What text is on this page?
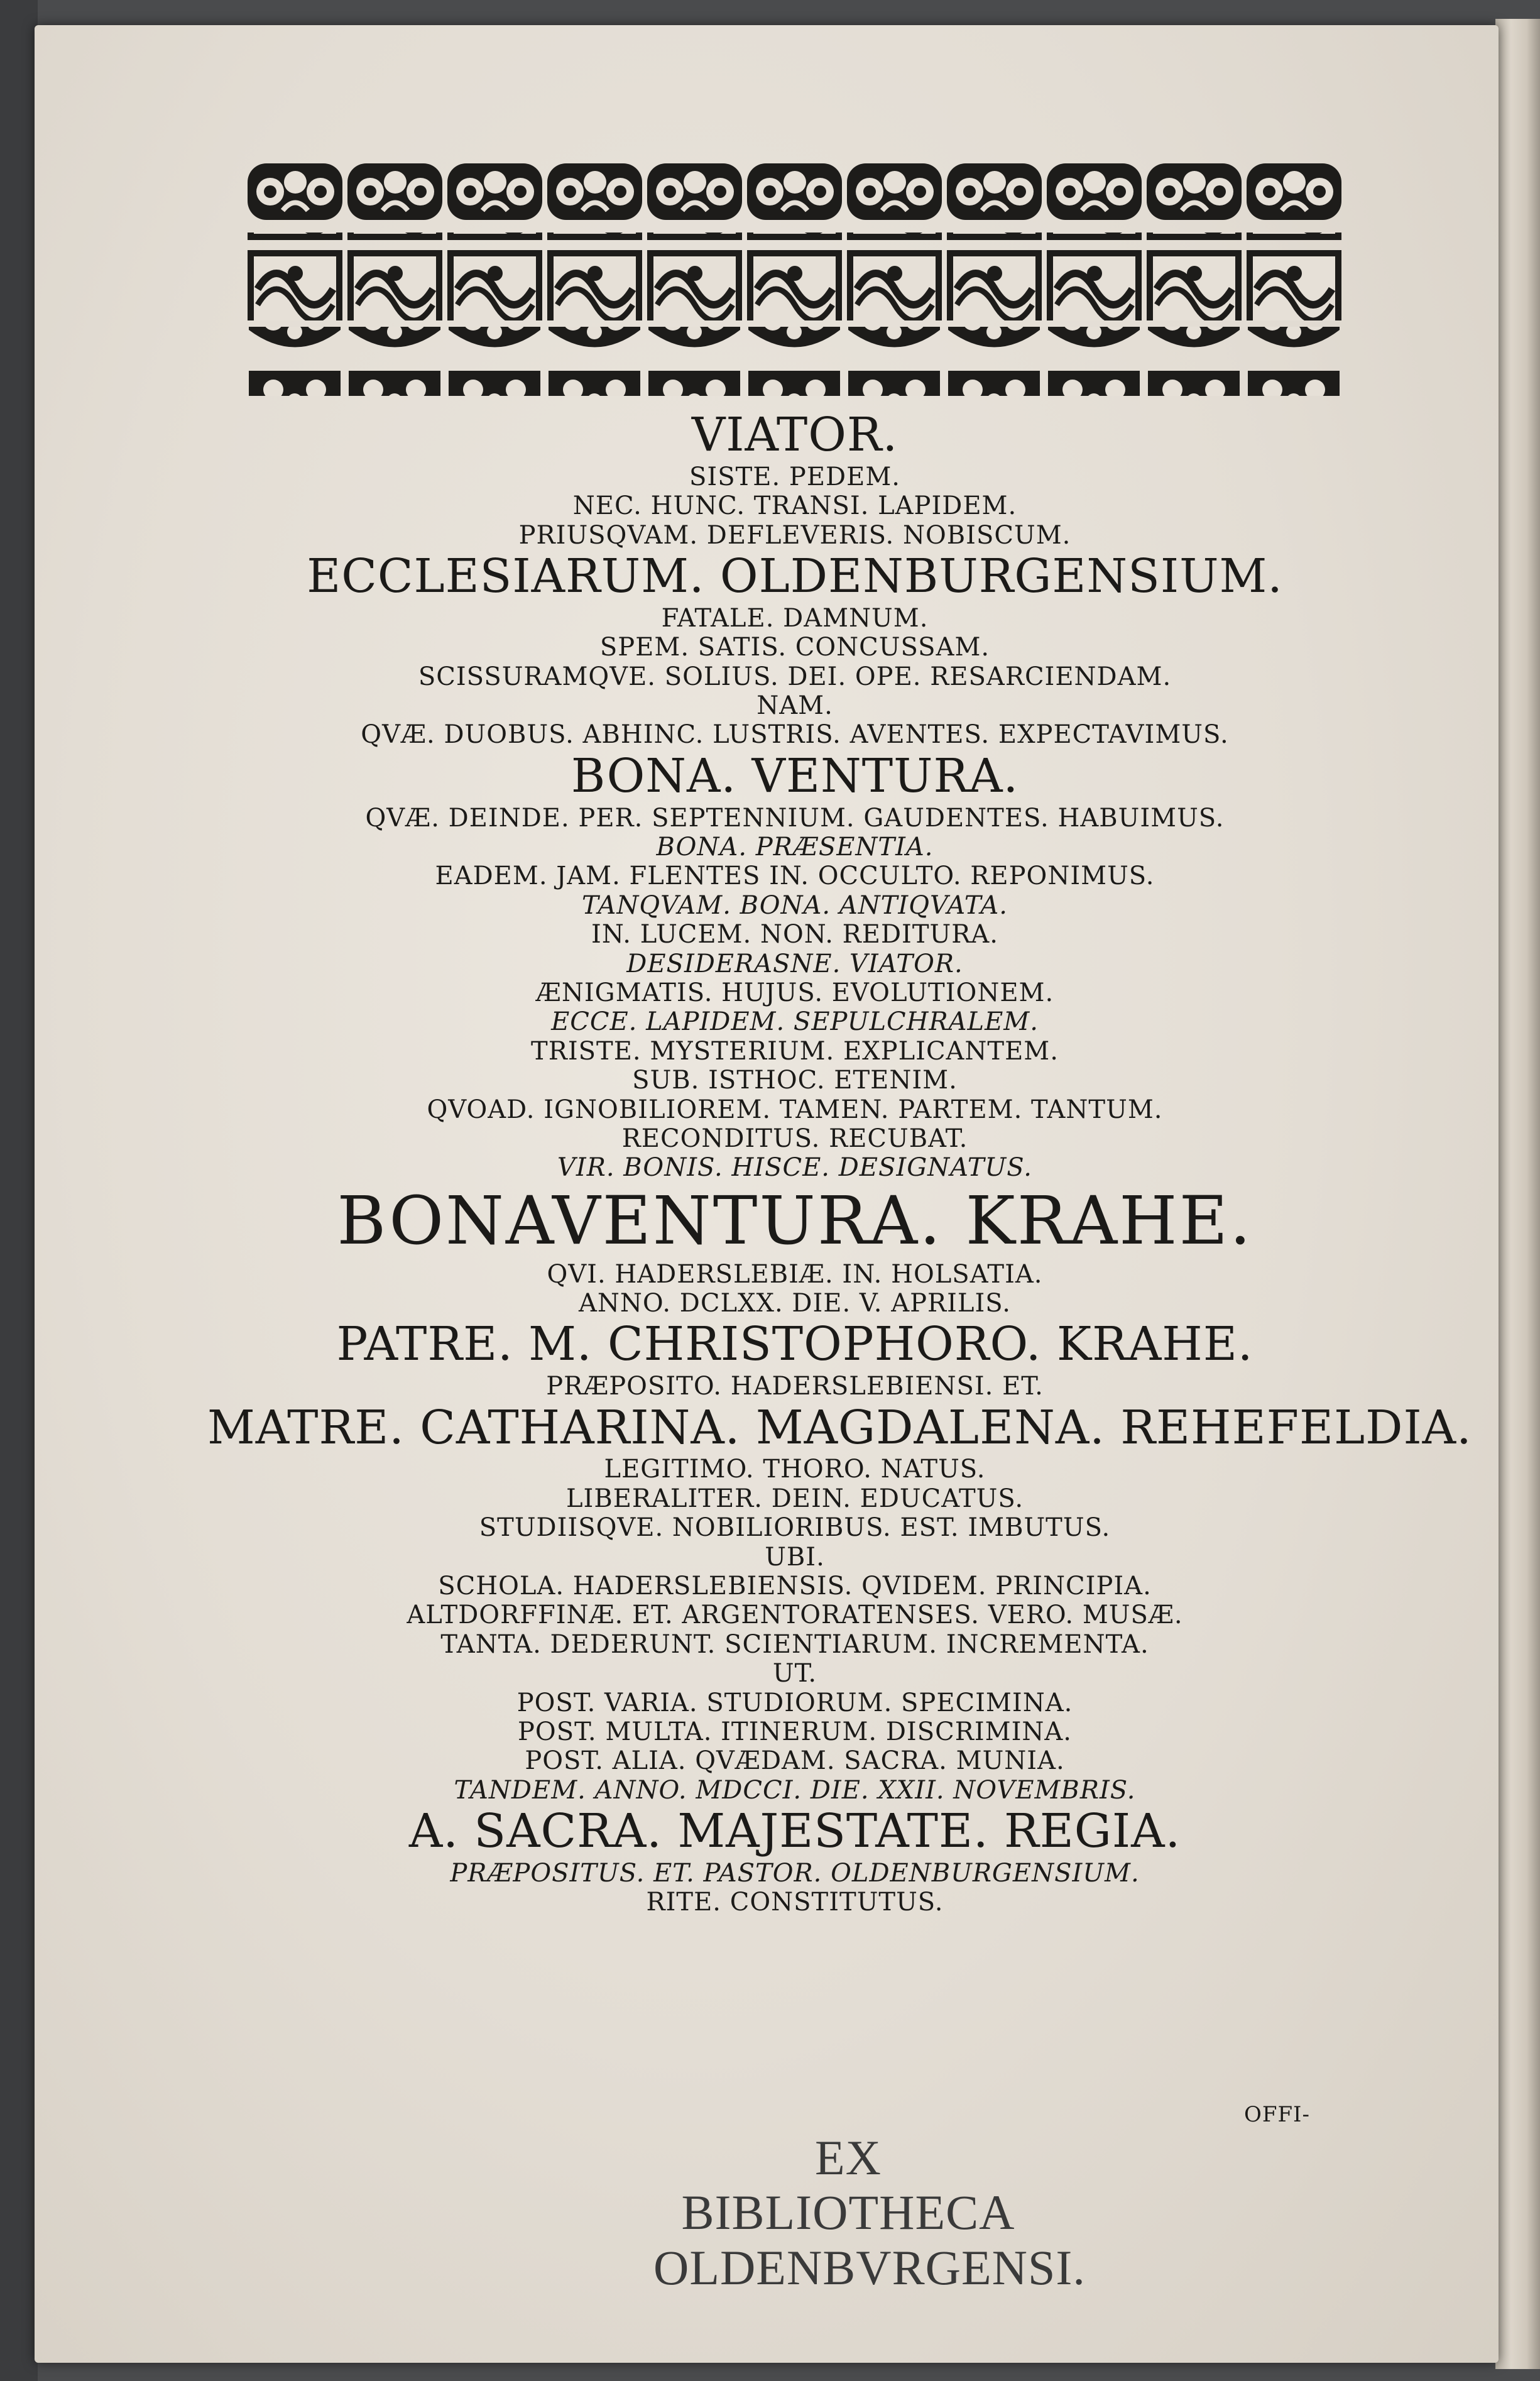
VIATOR.
SISTE. PEDEM.
NEC. HUNC. TRANSI. LAPIDEM.
PRIUSQVAM. DEFLEVERIS. NOBISCUM.
ECCLESIARUM. OLDENBURGENSIUM.
FATALE. DAMNUM.
SPEM. SATIS. CONCUSSAM.
SCISSURAMQVE. SOLIUS. DEI. OPE. RESARCIENDAM.
NAM.
QVÆ. DUOBUS. ABHINC. LUSTRIS. AVENTES. EXPECTAVIMUS.
BONA. VENTURA.
QVÆ. DEINDE. PER. SEPTENNIUM. GAUDENTES. HABUIMUS.
BONA. PRÆSENTIA.
EADEM. JAM. FLENTES IN. OCCULTO. REPONIMUS.
TANQVAM. BONA. ANTIQVATA.
IN. LUCEM. NON. REDITURA.
DESIDERASNE. VIATOR.
ÆNIGMATIS. HUJUS. EVOLUTIONEM.
ECCE. LAPIDEM. SEPULCHRALEM.
TRISTE. MYSTERIUM. EXPLICANTEM.
SUB. ISTHOC. ETENIM.
QVOAD. IGNOBILIOREM. TAMEN. PARTEM. TANTUM.
RECONDITUS. RECUBAT.
VIR. BONIS. HISCE. DESIGNATUS.
BONAVENTURA. KRAHE.
QVI. HADERSLEBIÆ. IN. HOLSATIA.
ANNO. DCLXX. DIE. V. APRILIS.
PATRE. M. CHRISTOPHORO. KRAHE.
PRÆPOSITO. HADERSLEBIENSI. ET.
MATRE. CATHARINA. MAGDALENA. REHEFELDIA.
LEGITIMO. THORO. NATUS.
LIBERALITER. DEIN. EDUCATUS.
STUDIISQVE. NOBILIORIBUS. EST. IMBUTUS.
UBI.
SCHOLA. HADERSLEBIENSIS. QVIDEM. PRINCIPIA.
ALTDORFFINÆ. ET. ARGENTORATENSES. VERO. MUSÆ.
TANTA. DEDERUNT. SCIENTIARUM. INCREMENTA.
UT.
POST. VARIA. STUDIORUM. SPECIMINA.
POST. MULTA. ITINERUM. DISCRIMINA.
POST. ALIA. QVÆDAM. SACRA. MUNIA.
TANDEM. ANNO. MDCCI. DIE. XXII. NOVEMBRIS.
A. SACRA. MAJESTATE. REGIA.
PRÆPOSITUS. ET. PASTOR. OLDENBURGENSIUM.
RITE. CONSTITUTUS.
OFFI-
EX BIBLIOTHECA
OLDENBVRGENSI.
